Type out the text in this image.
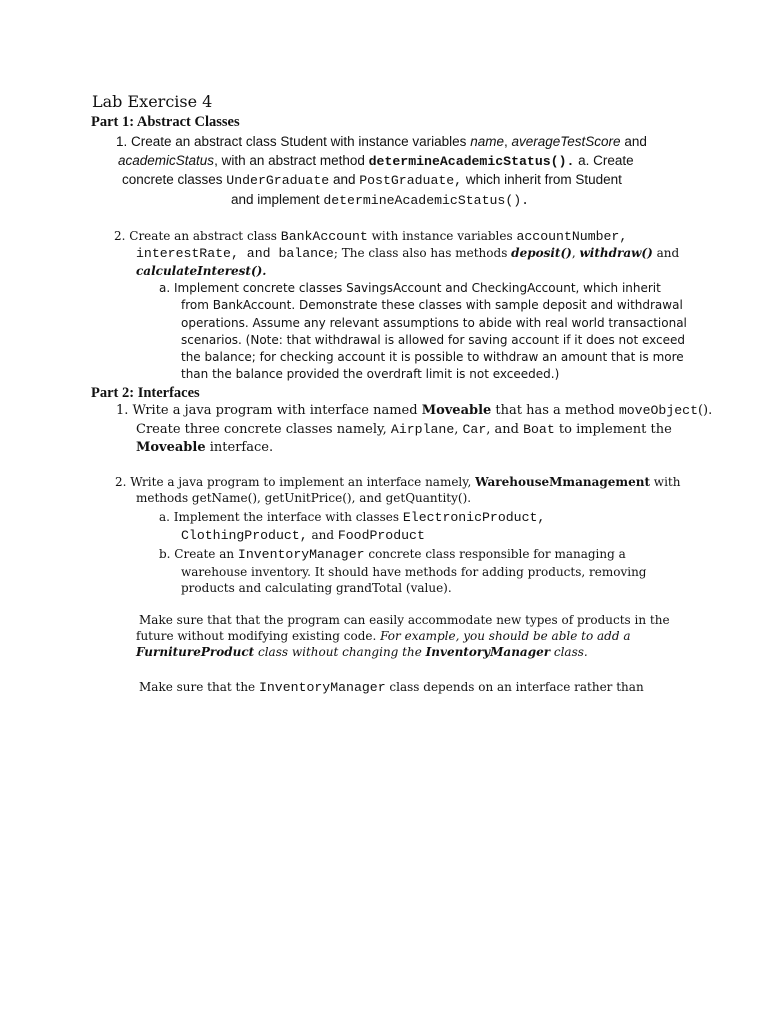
Lab Exercise 4
Part 1: Abstract Classes
1. Create an abstract class Student with instance variables name, averageTestScore and
academicStatus, with an abstract method determineAcademicStatus(). a. Create
concrete classes UnderGraduate and PostGraduate, which inherit from Student
and implement determineAcademicStatus().
2. Create an abstract class BankAccount with instance variables accountNumber,
interestRate, and balance; The class also has methods deposit(), withdraw() and
calculateInterest().
a. Implement concrete classes SavingsAccount and CheckingAccount, which inherit
from BankAccount. Demonstrate these classes with sample deposit and withdrawal
operations. Assume any relevant assumptions to abide with real world transactional
scenarios. (Note: that withdrawal is allowed for saving account if it does not exceed
the balance; for checking account it is possible to withdraw an amount that is more
than the balance provided the overdraft limit is not exceeded.)
Part 2: Interfaces
1. Write a java program with interface named Moveable that has a method moveObject().
Create three concrete classes namely, Airplane, Car, and Boat to implement the
Moveable interface.
2. Write a java program to implement an interface namely, WarehouseMmanagement with
methods getName(), getUnitPrice(), and getQuantity().
a. Implement the interface with classes ElectronicProduct,
ClothingProduct, and FoodProduct
b. Create an InventoryManager concrete class responsible for managing a
warehouse inventory. It should have methods for adding products, removing
products and calculating grandTotal (value).
Make sure that that the program can easily accommodate new types of products in the
future without modifying existing code. For example, you should be able to add a
FurnitureProduct class without changing the InventoryManager class.
Make sure that the InventoryManager class depends on an interface rather than
